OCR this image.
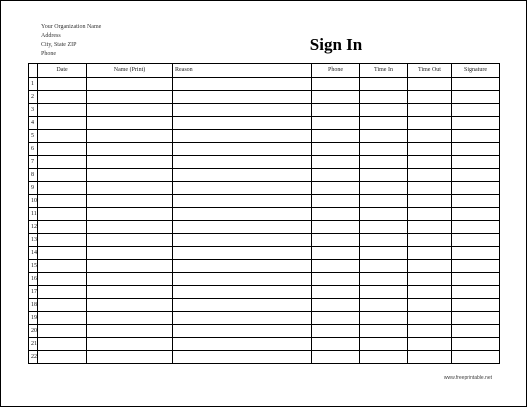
Your Organization Name
Address
City, State ZIP
Phone	Sign In
	Date	Name (Print)	Reason	Phone	Time In	Time Out	Signature
1							
2							
3							
4							
5							
6							
7							
8							
9							
10							
11							
12							
13							
14							
15							
16							
17							
18							
19							
20							
21							
22							
www.freeprintable.net
